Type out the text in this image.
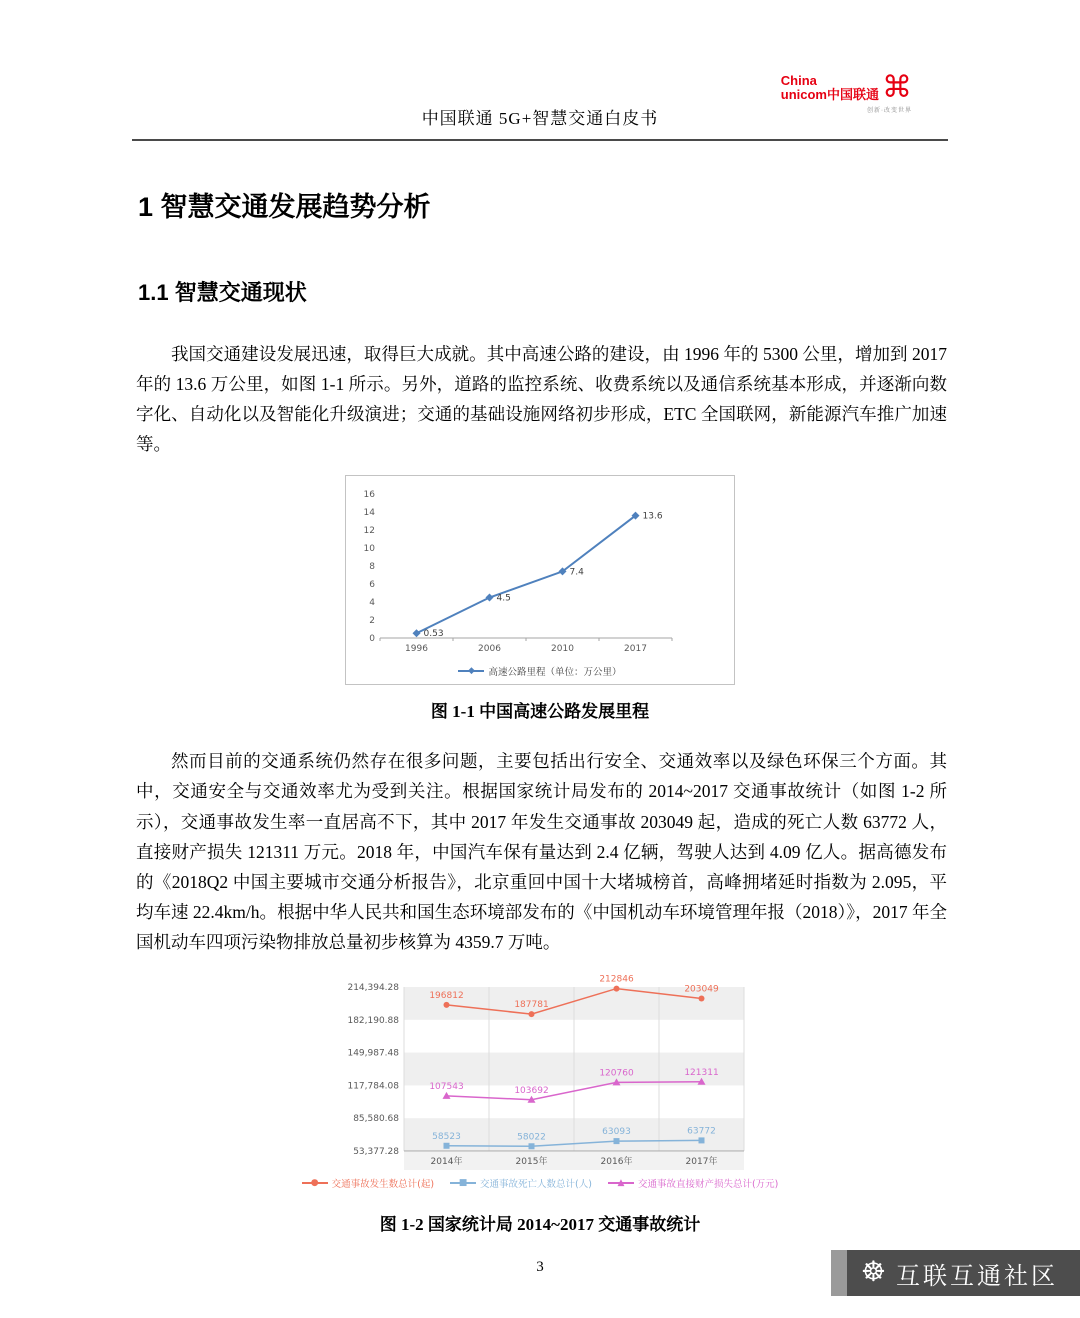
中国联通 5G+智慧交通白皮书
China
unicom中国联通 ⌘
创新·改变世界
1 智慧交通发展趋势分析
1.1 智慧交通现状

我国交通建设发展迅速，取得巨大成就。其中高速公路的建设，由 1996 年的 5300 公里，增加到 2017 年的 13.6 万公里，如图 1-1 所示。另外，道路的监控系统、收费系统以及通信系统基本形成，并逐渐向数字化、自动化以及智能化升级演进；交通的基础设施网络初步形成，ETC 全国联网，新能源汽车推广加速等。

0
2
4
6
8
10
12
14
16
1996	2006	2010	2017
0.53
4.5
7.4
13.6
◆ 高速公路里程（单位：万公里）
图 1-1 中国高速公路发展里程

然而目前的交通系统仍然存在很多问题，主要包括出行安全、交通效率以及绿色环保三个方面。其中，交通安全与交通效率尤为受到关注。根据国家统计局发布的 2014~2017 交通事故统计（如图 1-2 所示），交通事故发生率一直居高不下，其中 2017 年发生交通事故 203049 起，造成的死亡人数 63772 人，直接财产损失 121311 万元。2018 年，中国汽车保有量达到 2.4 亿辆，驾驶人达到 4.09 亿人。据高德发布的《2018Q2 中国主要城市交通分析报告》，北京重回中国十大堵城榜首，高峰拥堵延时指数为 2.095，平均车速 22.4km/h。根据中华人民共和国生态环境部发布的《中国机动车环境管理年报（2018）》，2017 年全国机动车四项污染物排放总量初步核算为 4359.7 万吨。

53,377.28
85,580.68
117,784.08
149,987.48
182,190.88
214,394.28
2014年	2015年	2016年	2017年
196812
187781
212846
203049
58523	58022
63093	63772
107543	103692
120760	121311
● 交通事故发生数总计(起)	■ 交通事故死亡人数总计(人)	▲ 交通事故直接财产损失总计(万元)
图 1-2 国家统计局 2014~2017 交通事故统计
3	☸ 互联互通社区
